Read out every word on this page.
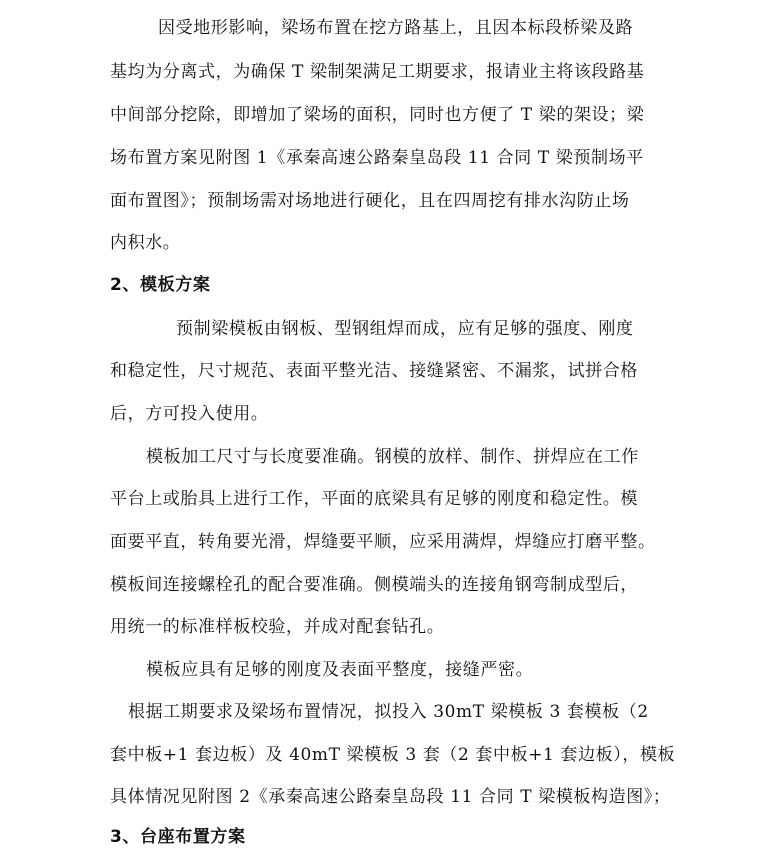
因受地形影响，梁场布置在挖方路基上，且因本标段桥梁及路
基均为分离式，为确保 T 梁制架满足工期要求，报请业主将该段路基
中间部分挖除，即增加了梁场的面积，同时也方便了 T 梁的架设；梁
场布置方案见附图 1《承秦高速公路秦皇岛段 11 合同 T 梁预制场平
面布置图》；预制场需对场地进行硬化，且在四周挖有排水沟防止场
内积水。
2、模板方案
预制梁模板由钢板、型钢组焊而成，应有足够的强度、刚度
和稳定性，尺寸规范、表面平整光洁、接缝紧密、不漏浆，试拼合格
后，方可投入使用。
模板加工尺寸与长度要准确。钢模的放样、制作、拼焊应在工作
平台上或胎具上进行工作，平面的底梁具有足够的刚度和稳定性。模
面要平直，转角要光滑，焊缝要平顺，应采用满焊，焊缝应打磨平整。
模板间连接螺栓孔的配合要准确。侧模端头的连接角钢弯制成型后，
用统一的标准样板校验，并成对配套钻孔。
模板应具有足够的刚度及表面平整度，接缝严密。
根据工期要求及梁场布置情况，拟投入 30mT 梁模板 3 套模板（2
套中板+1 套边板）及 40mT 梁模板 3 套（2 套中板+1 套边板），模板
具体情况见附图 2《承秦高速公路秦皇岛段 11 合同 T 梁模板构造图》；
3、台座布置方案
